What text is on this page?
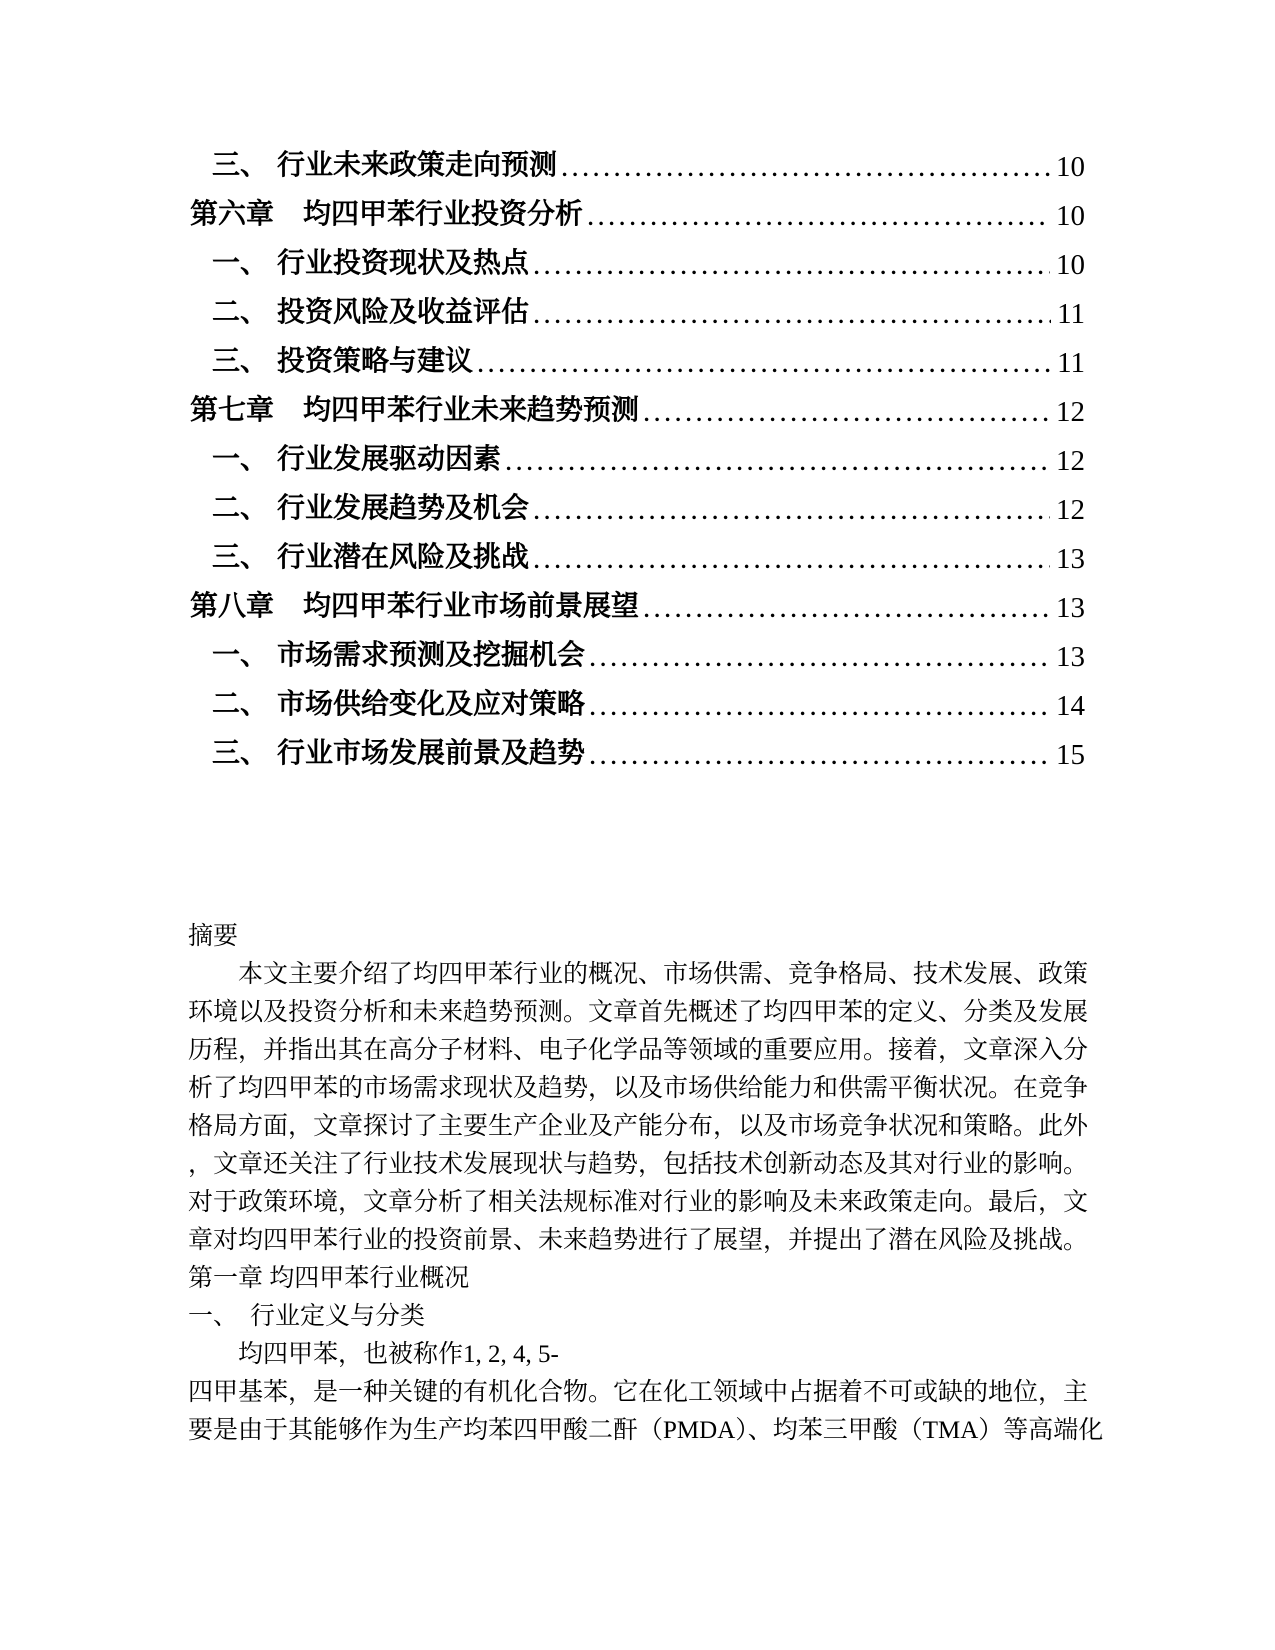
三、 行业未来政策走向预测	10
第六章	均四甲苯行业投资分析	10
一、 行业投资现状及热点	10
二、 投资风险及收益评估	11
三、 投资策略与建议	11
第七章	均四甲苯行业未来趋势预测	12
一、 行业发展驱动因素	12
二、 行业发展趋势及机会	12
三、 行业潜在风险及挑战	13
第八章	均四甲苯行业市场前景展望	13
一、 市场需求预测及挖掘机会	13
二、 市场供给变化及应对策略	14
三、 行业市场发展前景及趋势	15
摘要
本文主要介绍了均四甲苯行业的概况、市场供需、竞争格局、技术发展、政策
环境以及投资分析和未来趋势预测。文章首先概述了均四甲苯的定义、分类及发展
历程，并指出其在高分子材料、电子化学品等领域的重要应用。接着，文章深入分
析了均四甲苯的市场需求现状及趋势，以及市场供给能力和供需平衡状况。在竞争
格局方面，文章探讨了主要生产企业及产能分布，以及市场竞争状况和策略。此外
，文章还关注了行业技术发展现状与趋势，包括技术创新动态及其对行业的影响。
对于政策环境，文章分析了相关法规标准对行业的影响及未来政策走向。最后，文
章对均四甲苯行业的投资前景、未来趋势进行了展望，并提出了潜在风险及挑战。
第一章 均四甲苯行业概况
一、 行业定义与分类
均四甲苯，也被称作1, 2, 4, 5-
四甲基苯，是一种关键的有机化合物。它在化工领域中占据着不可或缺的地位，主
要是由于其能够作为生产均苯四甲酸二酐（PMDA）、均苯三甲酸（TMA）等高端化
